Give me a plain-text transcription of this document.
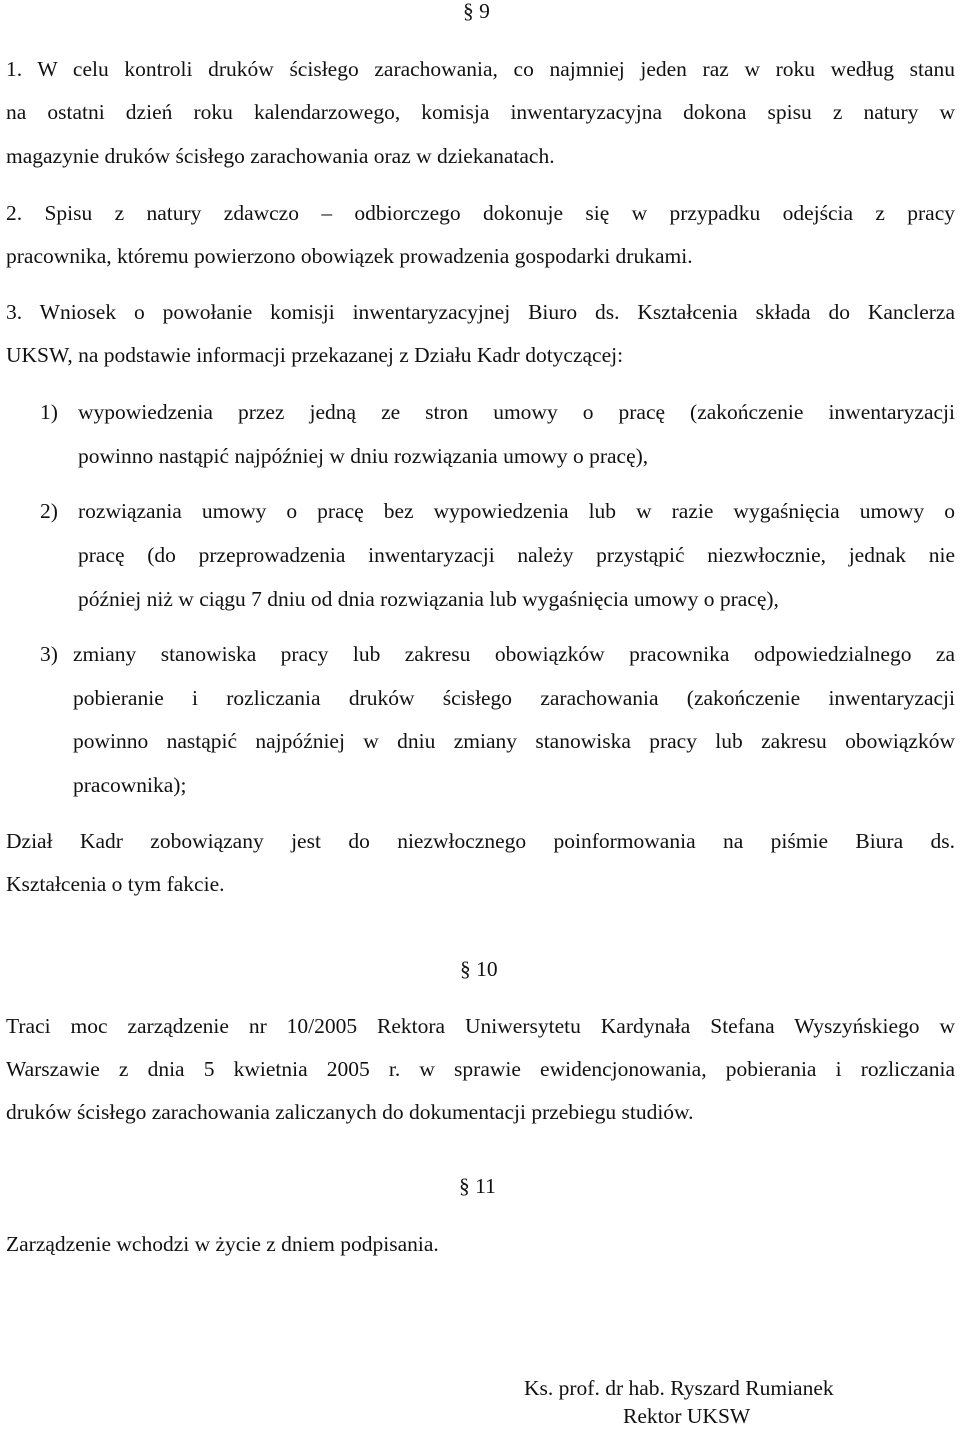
§ 9
1. W celu kontroli druków ścisłego zarachowania, co najmniej jeden raz w roku według stanu
na ostatni dzień roku kalendarzowego, komisja inwentaryzacyjna dokona spisu z natury w
magazynie druków ścisłego zarachowania oraz w dziekanatach.
2. Spisu z natury zdawczo – odbiorczego dokonuje się w przypadku odejścia z pracy
pracownika, któremu powierzono obowiązek prowadzenia gospodarki drukami.
3. Wniosek o powołanie komisji inwentaryzacyjnej Biuro ds. Kształcenia składa do Kanclerza
UKSW, na podstawie informacji przekazanej z Działu Kadr dotyczącej:
1) wypowiedzenia przez jedną ze stron umowy o pracę (zakończenie inwentaryzacji
powinno nastąpić najpóźniej w dniu rozwiązania umowy o pracę),
2) rozwiązania umowy o pracę bez wypowiedzenia lub w razie wygaśnięcia umowy o
pracę (do przeprowadzenia inwentaryzacji należy przystąpić niezwłocznie, jednak nie
później niż w ciągu 7 dniu od dnia rozwiązania lub wygaśnięcia umowy o pracę),
3) zmiany stanowiska pracy lub zakresu obowiązków pracownika odpowiedzialnego za
pobieranie i rozliczania druków ścisłego zarachowania (zakończenie inwentaryzacji
powinno nastąpić najpóźniej w dniu zmiany stanowiska pracy lub zakresu obowiązków
pracownika);
Dział Kadr zobowiązany jest do niezwłocznego poinformowania na piśmie Biura ds.
Kształcenia o tym fakcie.
§ 10
Traci moc zarządzenie nr 10/2005 Rektora Uniwersytetu Kardynała Stefana Wyszyńskiego w
Warszawie z dnia 5 kwietnia 2005 r. w sprawie ewidencjonowania, pobierania i rozliczania
druków ścisłego zarachowania zaliczanych do dokumentacji przebiegu studiów.
§ 11
Zarządzenie wchodzi w życie z dniem podpisania.
Ks. prof. dr hab. Ryszard Rumianek
Rektor UKSW
